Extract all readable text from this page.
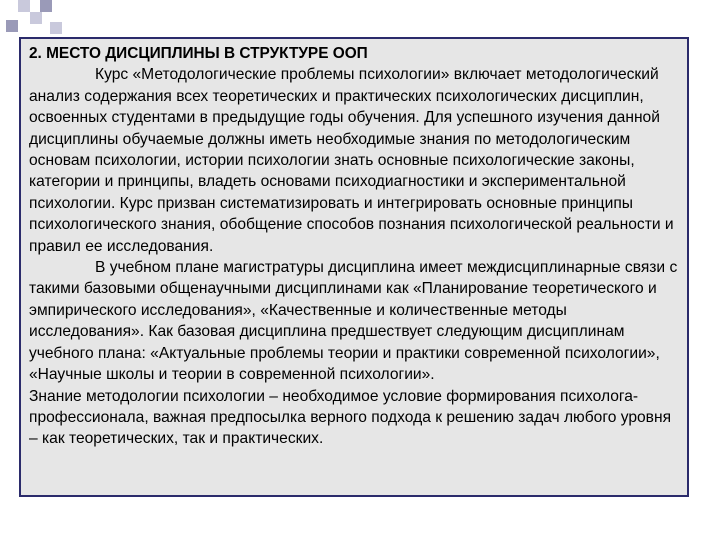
2. МЕСТО ДИСЦИПЛИНЫ В СТРУКТУРЕ ООП

Курс «Методологические проблемы психологии» включает методологический анализ содержания всех теоретических и практических психологических дисциплин, освоенных студентами в предыдущие годы обучения. Для успешного изучения данной дисциплины обучаемые должны иметь необходимые знания по методологическим основам психологии, истории психологии знать основные психологические законы, категории и принципы, владеть основами психодиагностики и экспериментальной психологии. Курс призван систематизировать и интегрировать основные принципы психологического знания, обобщение способов познания психологической реальности и правил ее исследования.

В учебном плане магистратуры дисциплина имеет междисциплинарные связи с такими базовыми общенаучными дисциплинами как «Планирование теоретического и эмпирического исследования», «Качественные и количественные методы исследования». Как базовая дисциплина предшествует следующим дисциплинам учебного плана: «Актуальные проблемы теории и практики современной психологии», «Научные школы и теории в современной психологии».

Знание методологии психологии – необходимое условие формирования психолога-профессионала, важная предпосылка верного подхода к решению задач любого уровня – как теоретических, так и практических.
